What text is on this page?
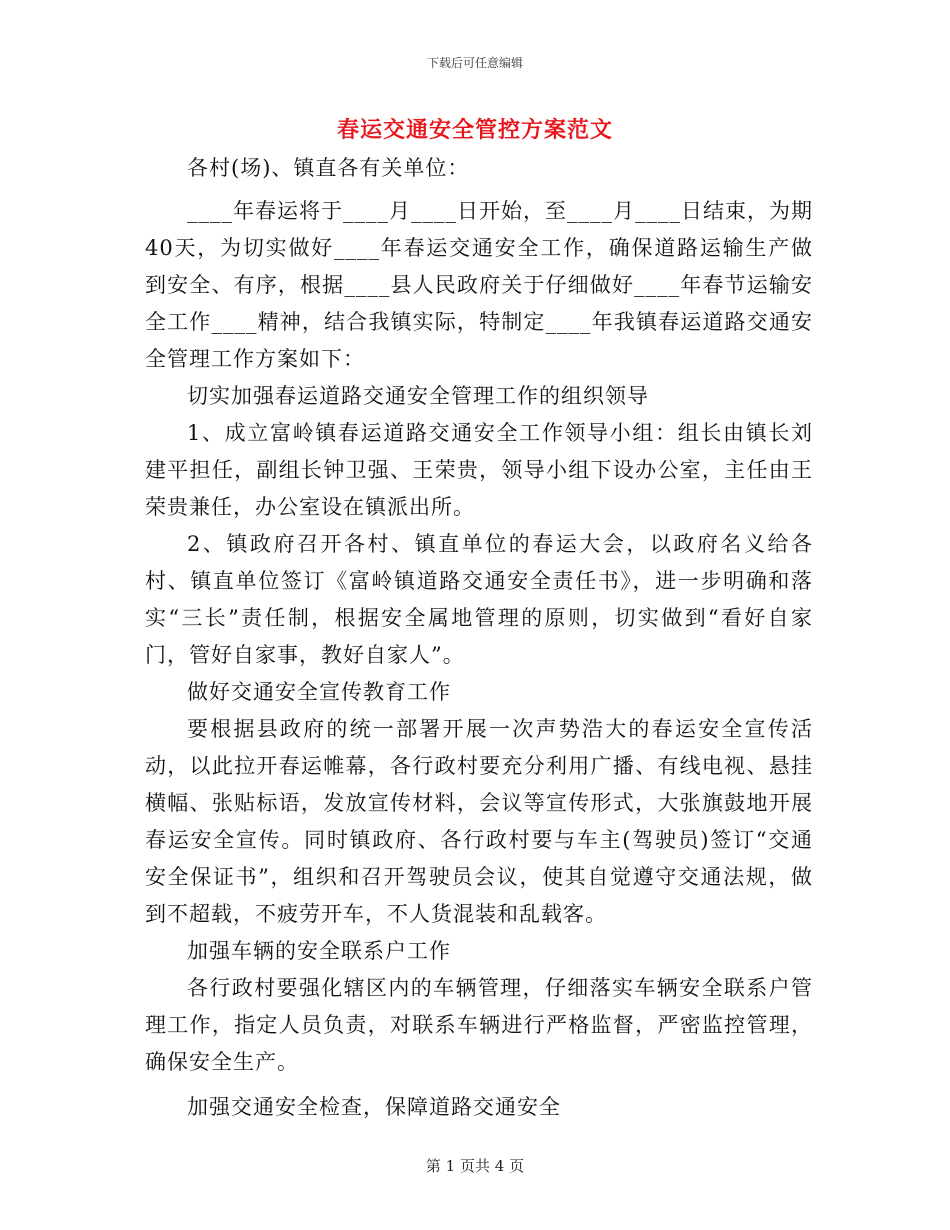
下载后可任意编辑
春运交通安全管控方案范文

各村(场)、镇直各有关单位：

____年春运将于____月____日开始，至____月____日结束，为期40天，为切实做好____年春运交通安全工作，确保道路运输生产做到安全、有序，根据____县人民政府关于仔细做好____年春节运输安全工作____精神，结合我镇实际，特制定____年我镇春运道路交通安全管理工作方案如下：

切实加强春运道路交通安全管理工作的组织领导

1、成立富岭镇春运道路交通安全工作领导小组：组长由镇长刘建平担任，副组长钟卫强、王荣贵，领导小组下设办公室，主任由王荣贵兼任，办公室设在镇派出所。

2、镇政府召开各村、镇直单位的春运大会，以政府名义给各村、镇直单位签订《富岭镇道路交通安全责任书》，进一步明确和落实“三长”责任制，根据安全属地管理的原则，切实做到“看好自家门，管好自家事，教好自家人”。

做好交通安全宣传教育工作

要根据县政府的统一部署开展一次声势浩大的春运安全宣传活动，以此拉开春运帷幕，各行政村要充分利用广播、有线电视、悬挂横幅、张贴标语，发放宣传材料，会议等宣传形式，大张旗鼓地开展春运安全宣传。同时镇政府、各行政村要与车主(驾驶员)签订“交通安全保证书”，组织和召开驾驶员会议，使其自觉遵守交通法规，做到不超载，不疲劳开车，不人货混装和乱载客。

加强车辆的安全联系户工作

各行政村要强化辖区内的车辆管理，仔细落实车辆安全联系户管理工作，指定人员负责，对联系车辆进行严格监督，严密监控管理，确保安全生产。

加强交通安全检查，保障道路交通安全

第 1 页共 4 页
